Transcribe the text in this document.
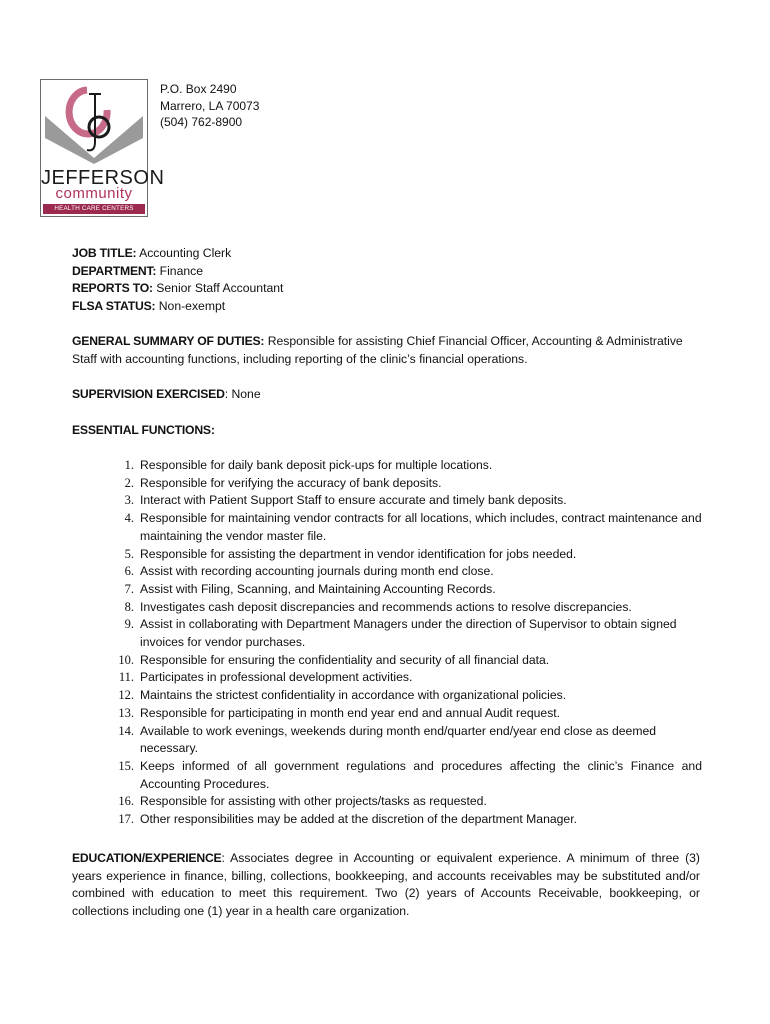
JEFFERSON
community
HEALTH CARE CENTERS
P.O. Box 2490
Marrero, LA 70073
(504) 762-8900
JOB TITLE: Accounting Clerk
DEPARTMENT: Finance
REPORTS TO: Senior Staff Accountant
FLSA STATUS: Non-exempt
GENERAL SUMMARY OF DUTIES: Responsible for assisting Chief Financial Officer, Accounting & Administrative Staff with accounting functions, including reporting of the clinic’s financial operations.
SUPERVISION EXERCISED: None
ESSENTIAL FUNCTIONS:
1. Responsible for daily bank deposit pick-ups for multiple locations.
2. Responsible for verifying the accuracy of bank deposits.
3. Interact with Patient Support Staff to ensure accurate and timely bank deposits.
4. Responsible for maintaining vendor contracts for all locations, which includes, contract maintenance and maintaining the vendor master file.
5. Responsible for assisting the department in vendor identification for jobs needed.
6. Assist with recording accounting journals during month end close.
7. Assist with Filing, Scanning, and Maintaining Accounting Records.
8. Investigates cash deposit discrepancies and recommends actions to resolve discrepancies.
9. Assist in collaborating with Department Managers under the direction of Supervisor to obtain signed invoices for vendor purchases.
10. Responsible for ensuring the confidentiality and security of all financial data.
11. Participates in professional development activities.
12. Maintains the strictest confidentiality in accordance with organizational policies.
13. Responsible for participating in month end year end and annual Audit request.
14. Available to work evenings, weekends during month end/quarter end/year end close as deemed necessary.
15. Keeps informed of all government regulations and procedures affecting the clinic’s Finance and Accounting Procedures.
16. Responsible for assisting with other projects/tasks as requested.
17. Other responsibilities may be added at the discretion of the department Manager.
EDUCATION/EXPERIENCE: Associates degree in Accounting or equivalent experience. A minimum of three (3) years experience in finance, billing, collections, bookkeeping, and accounts receivables may be substituted and/or combined with education to meet this requirement. Two (2) years of Accounts Receivable, bookkeeping, or collections including one (1) year in a health care organization.
